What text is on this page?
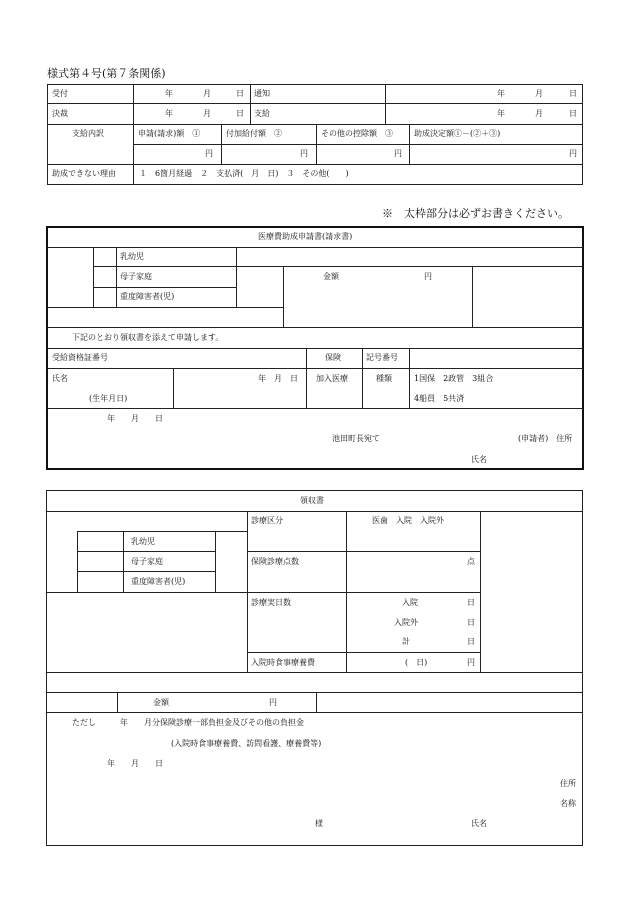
様式第４号(第７条関係)
受付	年	月	日 通知	年	月	日
決裁	年	月	日 支給	年	月	日
支給内訳	申請(請求)額　①	付加給付額　②	その他の控除額　③	助成決定額①－(②＋③)
円	円	円	円
助成できない理由	１　6箇月経過　２　支払済(　月　日)　３　その他(　　)
※　太枠部分は必ずお書きください。
医療費助成申請書(請求書)
乳幼児
母子家庭
重度障害者(児)
金額	円
下記のとおり領収書を添えて申請します。
受給資格証番号	保険	記号番号
氏名	年　月　日 加入医療	種類	1国保　2政管　3組合
(生年月日)	4船員　5共済
年　　月　　日
池田町長宛て	(申請者)　住所
氏名
領収書
乳幼児
母子家庭
重度障害者(児)
診療区分	医歯　入院　入院外
保険診療点数	点
診療実日数	入院	日
入院外	日
計	日
入院時食事療養費	(　日)	円
金額	円
ただし　　　年　　月分保険診療一部負担金及びその他の負担金
(入院時食事療養費、訪問看護、療養費等)
年　　月　　日
住所
名称
様	氏名
